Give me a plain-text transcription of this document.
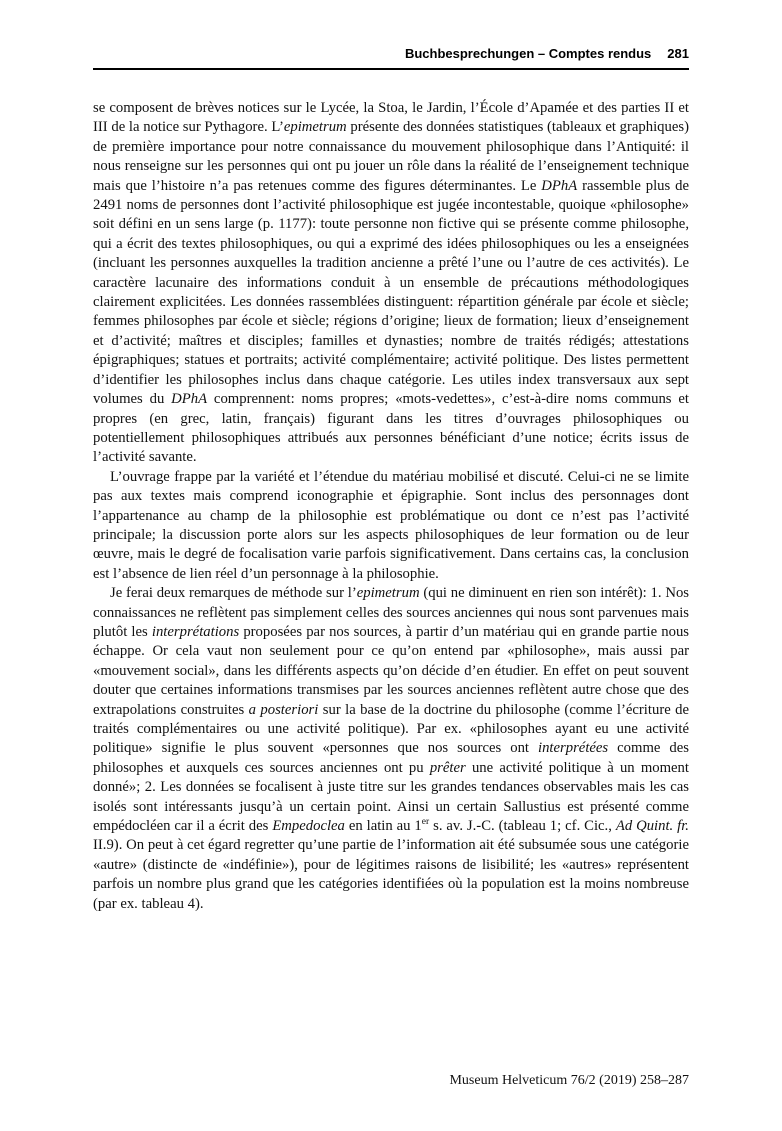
Buchbesprechungen – Comptes rendus 281

se composent de brèves notices sur le Lycée, la Stoa, le Jardin, l’École d’Apamée et des parties II et III de la notice sur Pythagore. L’epimetrum présente des données statistiques (tableaux et graphiques) de première importance pour notre connaissance du mouvement philosophique dans l’Antiquité: il nous renseigne sur les personnes qui ont pu jouer un rôle dans la réalité de l’enseignement technique mais que l’histoire n’a pas retenues comme des figures déterminantes. Le DPhA rassemble plus de 2491 noms de personnes dont l’activité philosophique est jugée incontestable, quoique «philosophe» soit défini en un sens large (p. 1177): toute personne non fictive qui se présente comme philosophe, qui a écrit des textes philosophiques, ou qui a exprimé des idées philosophiques ou les a enseignées (incluant les personnes auxquelles la tradition ancienne a prêté l’une ou l’autre de ces activités). Le caractère lacunaire des informations conduit à un ensemble de précautions méthodologiques clairement explicitées. Les données rassemblées distinguent: répartition générale par école et siècle; femmes philosophes par école et siècle; régions d’origine; lieux de formation; lieux d’enseignement et d’activité; maîtres et disciples; familles et dynasties; nombre de traités rédigés; attestations épigraphiques; statues et portraits; activité complémentaire; activité politique. Des listes permettent d’identifier les philosophes inclus dans chaque catégorie. Les utiles index transversaux aux sept volumes du DPhA comprennent: noms propres; «mots-vedettes», c’est-à-dire noms communs et propres (en grec, latin, français) figurant dans les titres d’ouvrages philosophiques ou potentiellement philosophiques attribués aux personnes bénéficiant d’une notice; écrits issus de l’activité savante.

L’ouvrage frappe par la variété et l’étendue du matériau mobilisé et discuté. Celui-ci ne se limite pas aux textes mais comprend iconographie et épigraphie. Sont inclus des personnages dont l’appartenance au champ de la philosophie est problématique ou dont ce n’est pas l’activité principale; la discussion porte alors sur les aspects philosophiques de leur formation ou de leur œuvre, mais le degré de focalisation varie parfois significativement. Dans certains cas, la conclusion est l’absence de lien réel d’un personnage à la philosophie.

Je ferai deux remarques de méthode sur l’epimetrum (qui ne diminuent en rien son intérêt): 1. Nos connaissances ne reflètent pas simplement celles des sources anciennes qui nous sont parvenues mais plutôt les interprétations proposées par nos sources, à partir d’un matériau qui en grande partie nous échappe. Or cela vaut non seulement pour ce qu’on entend par «philosophe», mais aussi par «mouvement social», dans les différents aspects qu’on décide d’en étudier. En effet on peut souvent douter que certaines informations transmises par les sources anciennes reflètent autre chose que des extrapolations construites a posteriori sur la base de la doctrine du philosophe (comme l’écriture de traités complémentaires ou une activité politique). Par ex. «philosophes ayant eu une activité politique» signifie le plus souvent «personnes que nos sources ont interprétées comme des philosophes et auxquels ces sources anciennes ont pu prêter une activité politique à un moment donné»; 2. Les données se focalisent à juste titre sur les grandes tendances observables mais les cas isolés sont intéressants jusqu’à un certain point. Ainsi un certain Sallustius est présenté comme empédocléen car il a écrit des Empedoclea en latin au 1er s. av. J.-C. (tableau 1; cf. Cic., Ad Quint. fr. II.9). On peut à cet égard regretter qu’une partie de l’information ait été subsumée sous une catégorie «autre» (distincte de «indéfinie»), pour de légitimes raisons de lisibilité; les «autres» représentent parfois un nombre plus grand que les catégories identifiées où la population est la moins nombreuse (par ex. tableau 4).

Museum Helveticum 76/2 (2019) 258–287
